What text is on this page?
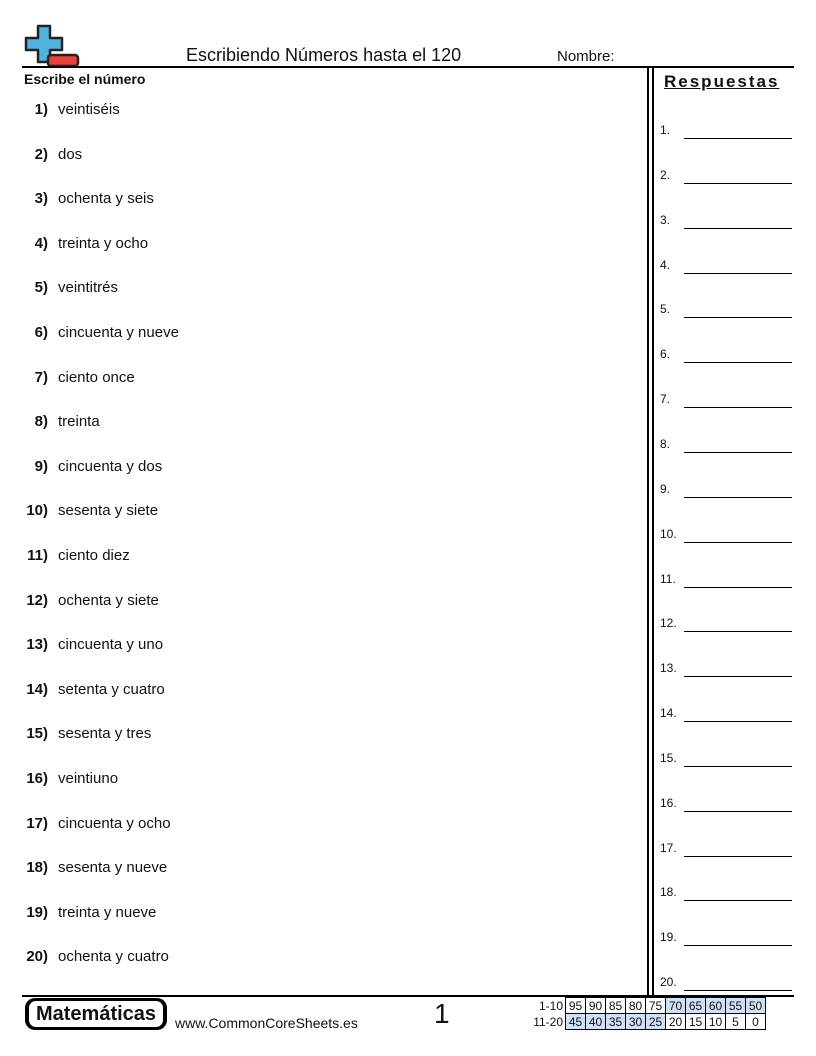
Escribiendo Números hasta el 120	Nombre:
Escribe el número
1) veintiséis
2) dos
3) ochenta y seis
4) treinta y ocho
5) veintitrés
6) cincuenta y nueve
7) ciento once
8) treinta
9) cincuenta y dos
10) sesenta y siete
11) ciento diez
12) ochenta y siete
13) cincuenta y uno
14) setenta y cuatro
15) sesenta y tres
16) veintiuno
17) cincuenta y ocho
18) sesenta y nueve
19) treinta y nueve
20) ochenta y cuatro
Respuestas
1.
2.
3.
4.
5.
6.
7.
8.
9.
10.
11.
12.
13.
14.
15.
16.
17.
18.
19.
20.
Matemáticas	www.CommonCoreSheets.es	1	1-10	95	90	85	80	75	70	65	60	55	50
11-20	45	40	35	30	25	20	15	10	5	0
